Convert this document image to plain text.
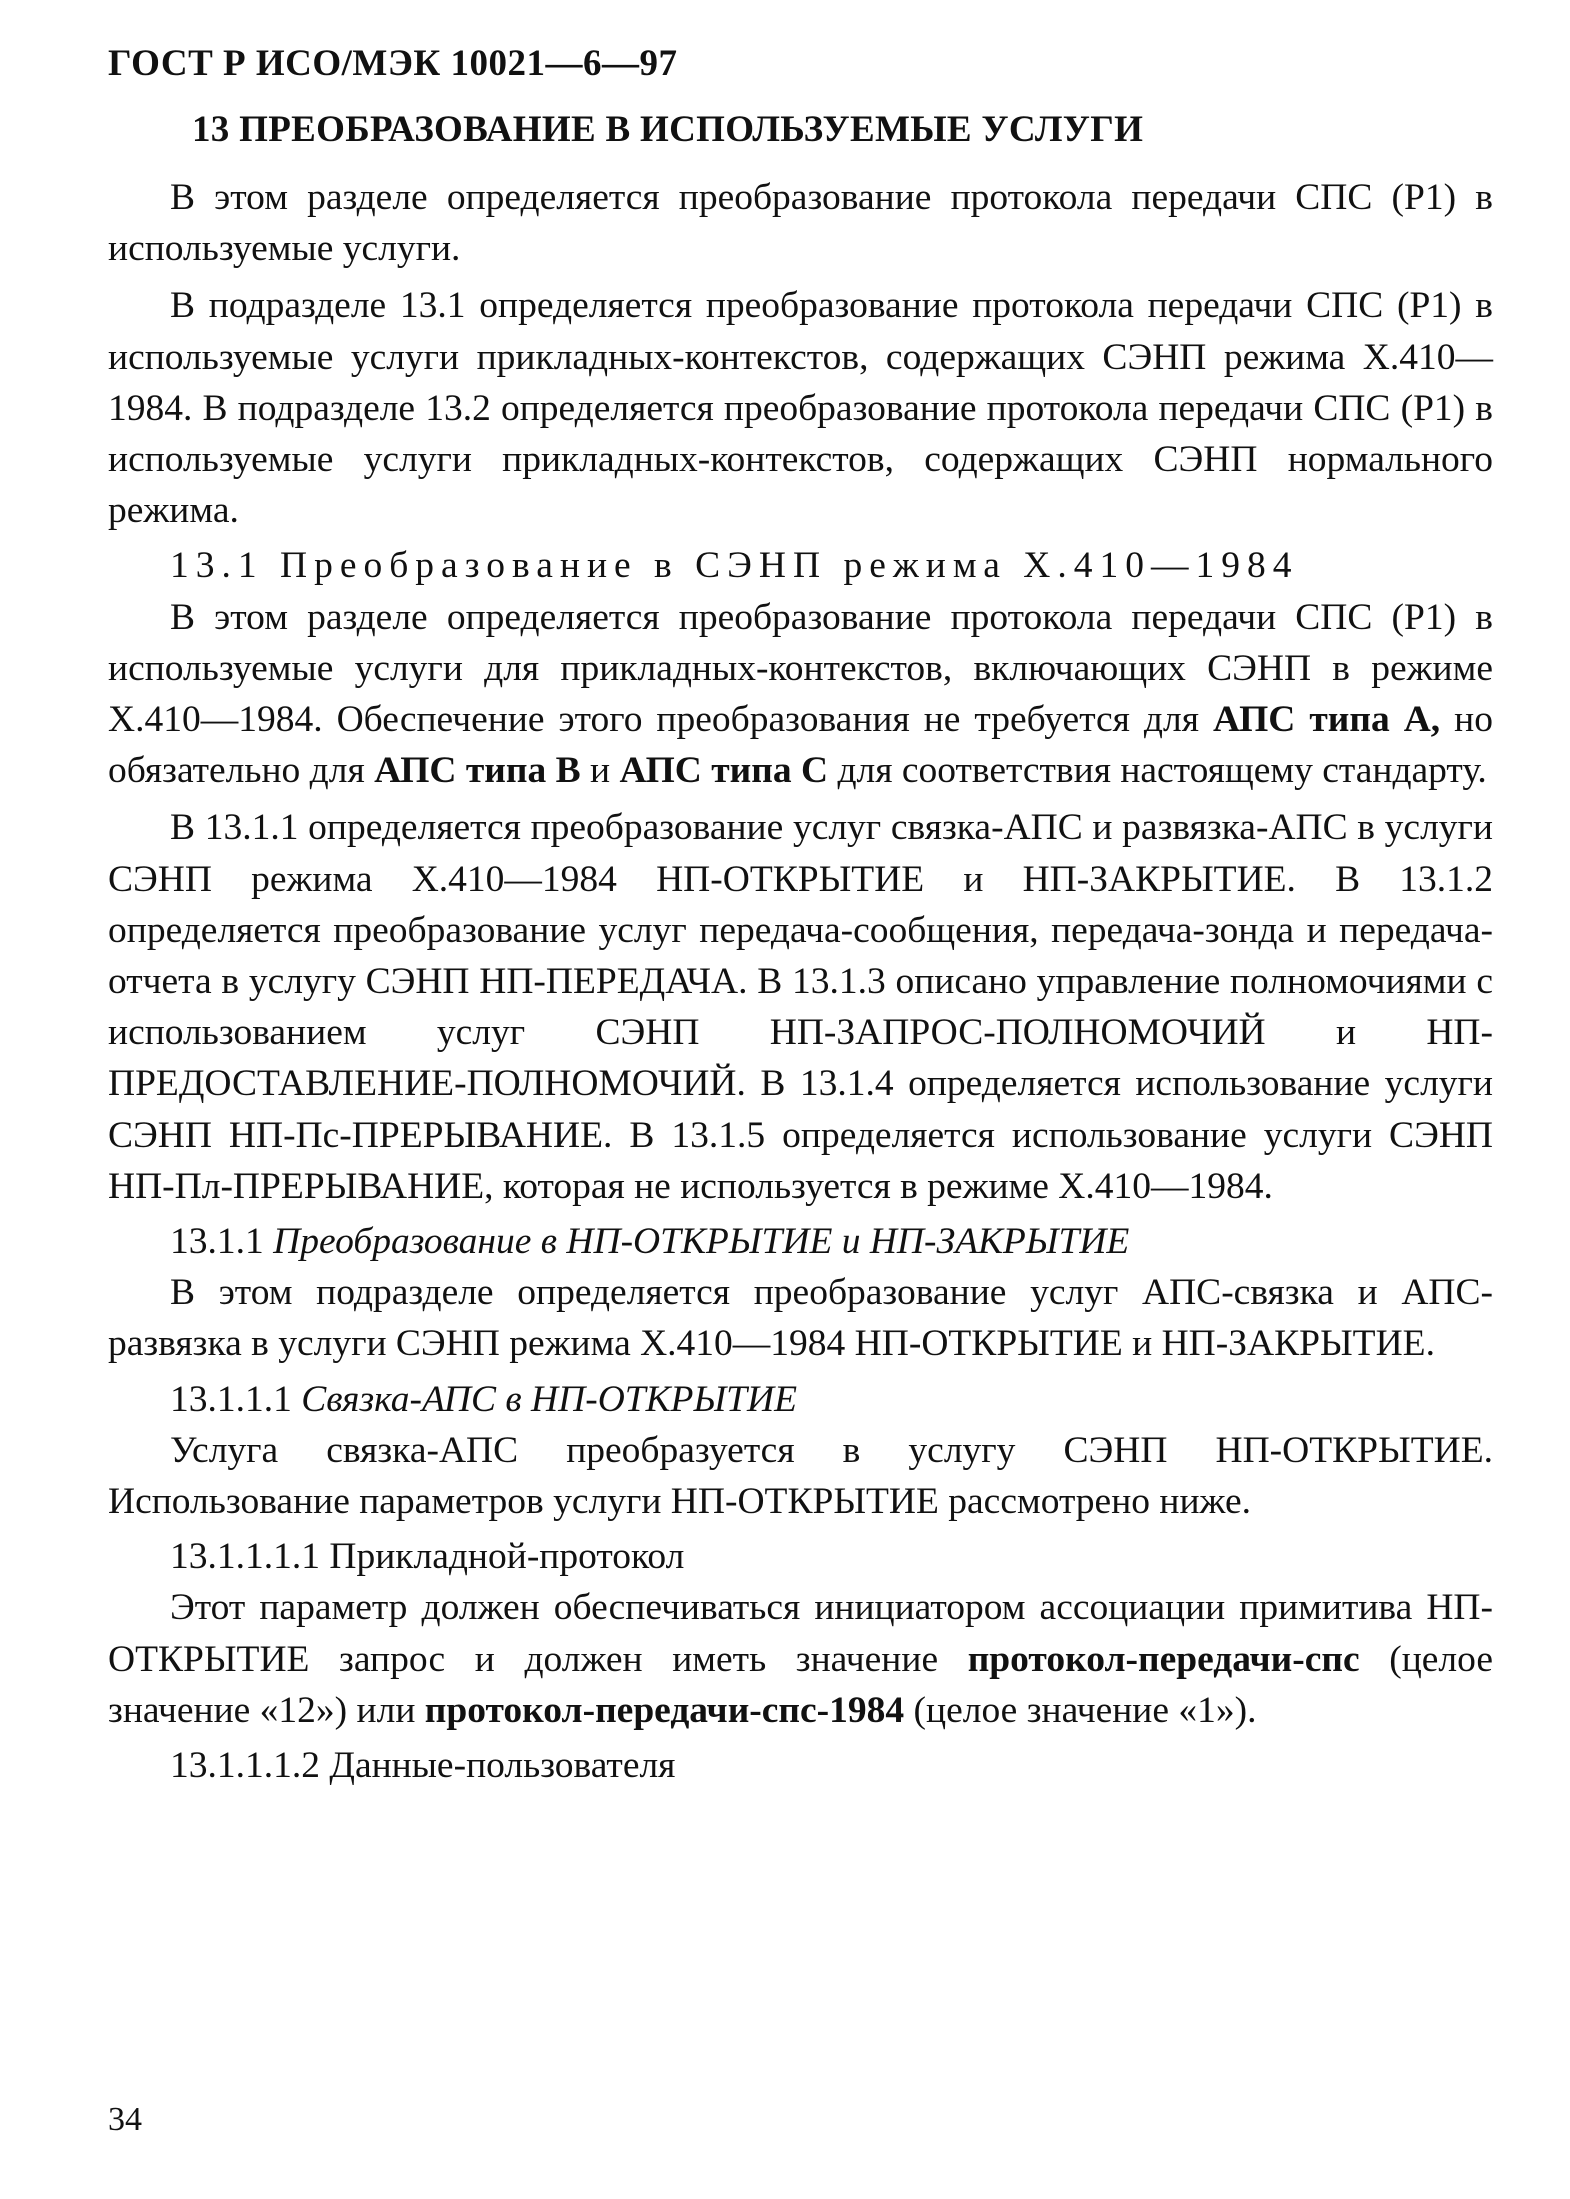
ГОСТ Р ИСО/МЭК 10021—6—97
13 ПРЕОБРАЗОВАНИЕ В ИСПОЛЬЗУЕМЫЕ УСЛУГИ

В этом разделе определяется преобразование протокола передачи СПС (Р1) в используемые услуги.

В подразделе 13.1 определяется преобразование протокола передачи СПС (Р1) в используемые услуги прикладных-контекстов, содержащих СЭНП режима Х.410—1984. В подразделе 13.2 определяется преобразование протокола передачи СПС (Р1) в используемые услуги прикладных-контекстов, содержащих СЭНП нормального режима.

13.1 Преобразование в СЭНП режима Х.410—1984

В этом разделе определяется преобразование протокола передачи СПС (Р1) в используемые услуги для прикладных-контекстов, включающих СЭНП в режиме Х.410—1984. Обеспечение этого преобразования не требуется для АПС типа А, но обязательно для АПС типа В и АПС типа С для соответствия настоящему стандарту.

В 13.1.1 определяется преобразование услуг связка-АПС и развязка-АПС в услуги СЭНП режима Х.410—1984 НП-ОТКРЫТИЕ и НП-ЗАКРЫТИЕ. В 13.1.2 определяется преобразование услуг передача-сообщения, передача-зонда и передача-отчета в услугу СЭНП НП-ПЕРЕДАЧА. В 13.1.3 описано управление полномочиями с использованием услуг СЭНП НП-ЗАПРОС-ПОЛНОМОЧИЙ и НП-ПРЕДОСТАВЛЕНИЕ-ПОЛНОМОЧИЙ. В 13.1.4 определяется использование услуги СЭНП НП-Пс-ПРЕРЫВАНИЕ. В 13.1.5 определяется использование услуги СЭНП НП-Пл-ПРЕРЫВАНИЕ, которая не используется в режиме Х.410—1984.

13.1.1 Преобразование в НП-ОТКРЫТИЕ и НП-ЗАКРЫТИЕ

В этом подразделе определяется преобразование услуг АПС-связка и АПС-развязка в услуги СЭНП режима Х.410—1984 НП-ОТКРЫТИЕ и НП-ЗАКРЫТИЕ.

13.1.1.1 Связка-АПС в НП-ОТКРЫТИЕ

Услуга связка-АПС преобразуется в услугу СЭНП НП-ОТКРЫТИЕ. Использование параметров услуги НП-ОТКРЫТИЕ рассмотрено ниже.

13.1.1.1.1 Прикладной-протокол

Этот параметр должен обеспечиваться инициатором ассоциации примитива НП-ОТКРЫТИЕ запрос и должен иметь значение протокол-передачи-спс (целое значение «12») или протокол-передачи-спс-1984 (целое значение «1»).

13.1.1.1.2 Данные-пользователя
34
